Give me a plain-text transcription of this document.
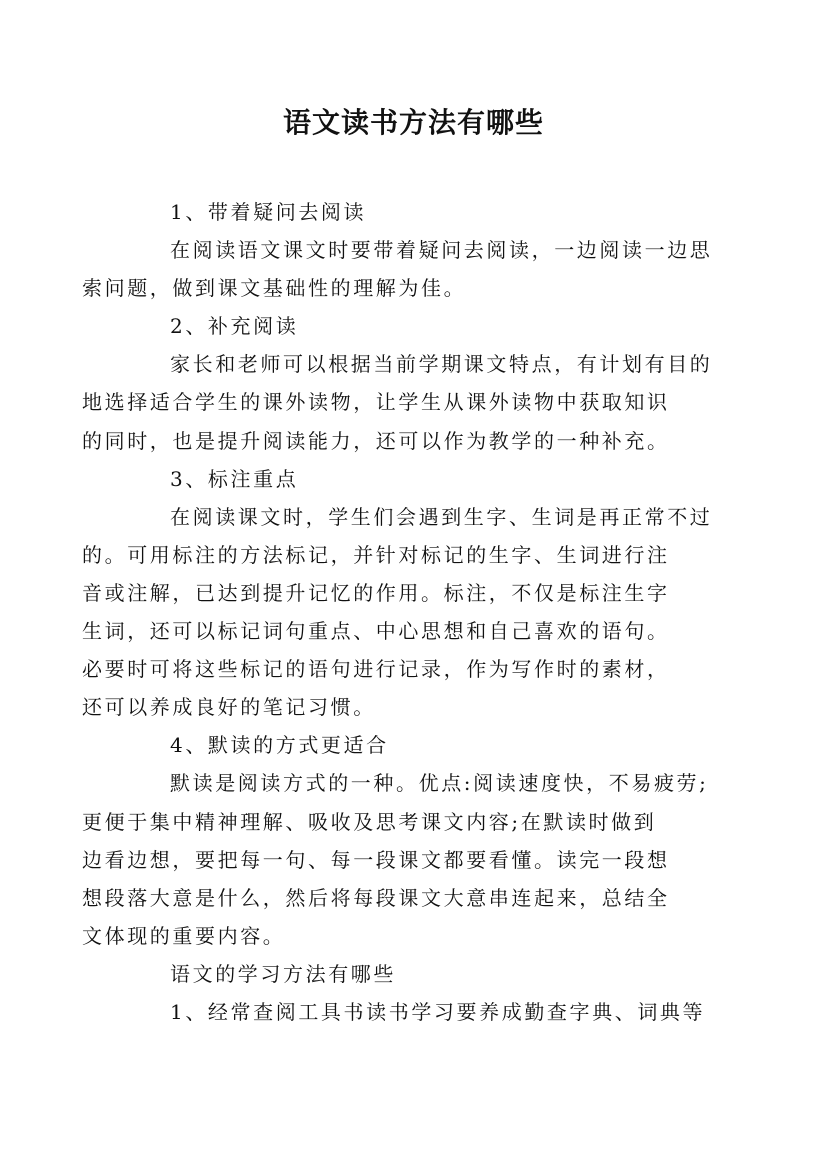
语文读书方法有哪些
1、带着疑问去阅读
在阅读语文课文时要带着疑问去阅读，一边阅读一边思
索问题，做到课文基础性的理解为佳。
2、补充阅读
家长和老师可以根据当前学期课文特点，有计划有目的
地选择适合学生的课外读物，让学生从课外读物中获取知识
的同时，也是提升阅读能力，还可以作为教学的一种补充。
3、标注重点
在阅读课文时，学生们会遇到生字、生词是再正常不过
的。可用标注的方法标记，并针对标记的生字、生词进行注
音或注解，已达到提升记忆的作用。标注，不仅是标注生字
生词，还可以标记词句重点、中心思想和自己喜欢的语句。
必要时可将这些标记的语句进行记录，作为写作时的素材，
还可以养成良好的笔记习惯。
4、默读的方式更适合
默读是阅读方式的一种。优点:阅读速度快，不易疲劳;
更便于集中精神理解、吸收及思考课文内容;在默读时做到
边看边想，要把每一句、每一段课文都要看懂。读完一段想
想段落大意是什么，然后将每段课文大意串连起来，总结全
文体现的重要内容。
语文的学习方法有哪些
1、经常查阅工具书读书学习要养成勤查字典、词典等
